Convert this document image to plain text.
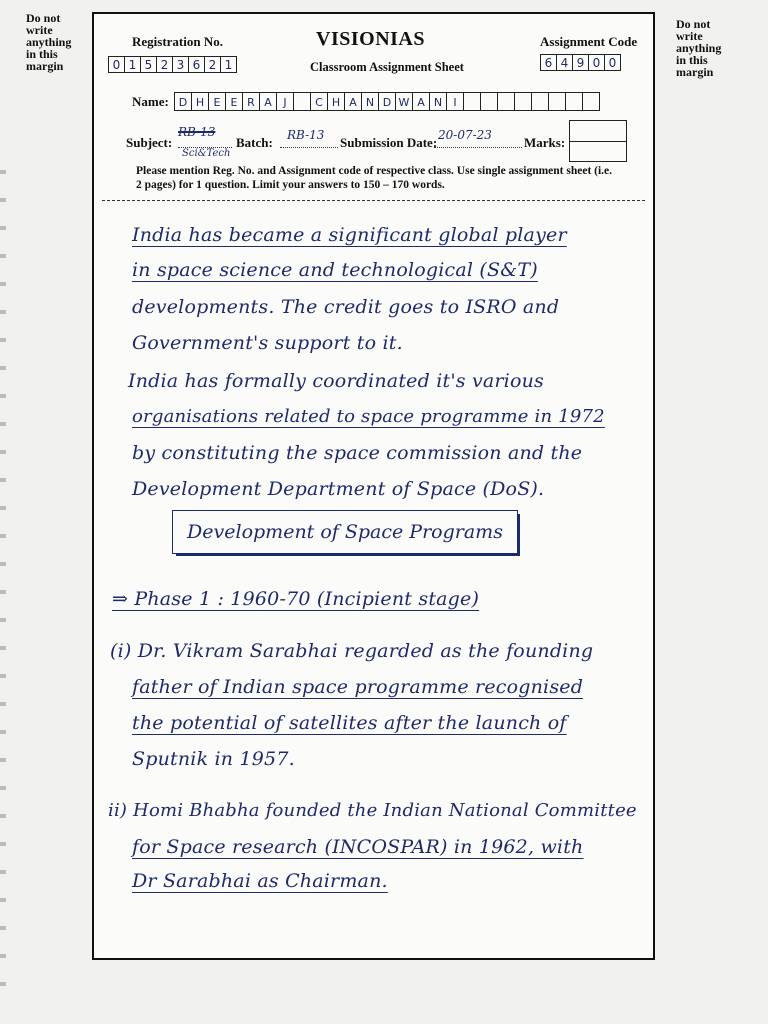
Do not
write
anything
in this
margin
Do not
write
anything
in this
margin
Registration No.
0 1 5 2 3 6 2 1
VISIONIAS
Classroom Assignment Sheet
Assignment Code
6 4 9 0 0
Name: D H E E R A	J	C H A N D W A N	I
Subject:
RB-13
Sci&Tech
Batch: RB-13 Submission Date: 20-07-23 Marks:
Please mention Reg. No. and Assignment code of respective class. Use single assignment sheet (i.e. 2 pages) for 1 question. Limit your answers to 150 – 170 words.
India has became a significant global player
in space science and technological (S&T)
developments. The credit goes to ISRO and
Government's support to it.
India has formally coordinated it's various
organisations related to space programme in 1972
by constituting the space commission and the
Development Department of Space (DoS).
Development of Space Programs
⇒ Phase 1 : 1960-70 (Incipient stage)
(i) Dr. Vikram Sarabhai regarded as the founding
father of Indian space programme recognised
the potential of satellites after the launch of
Sputnik in 1957.
ii) Homi Bhabha founded the Indian National Committee
for Space research (INCOSPAR) in 1962, with
Dr Sarabhai as Chairman.
